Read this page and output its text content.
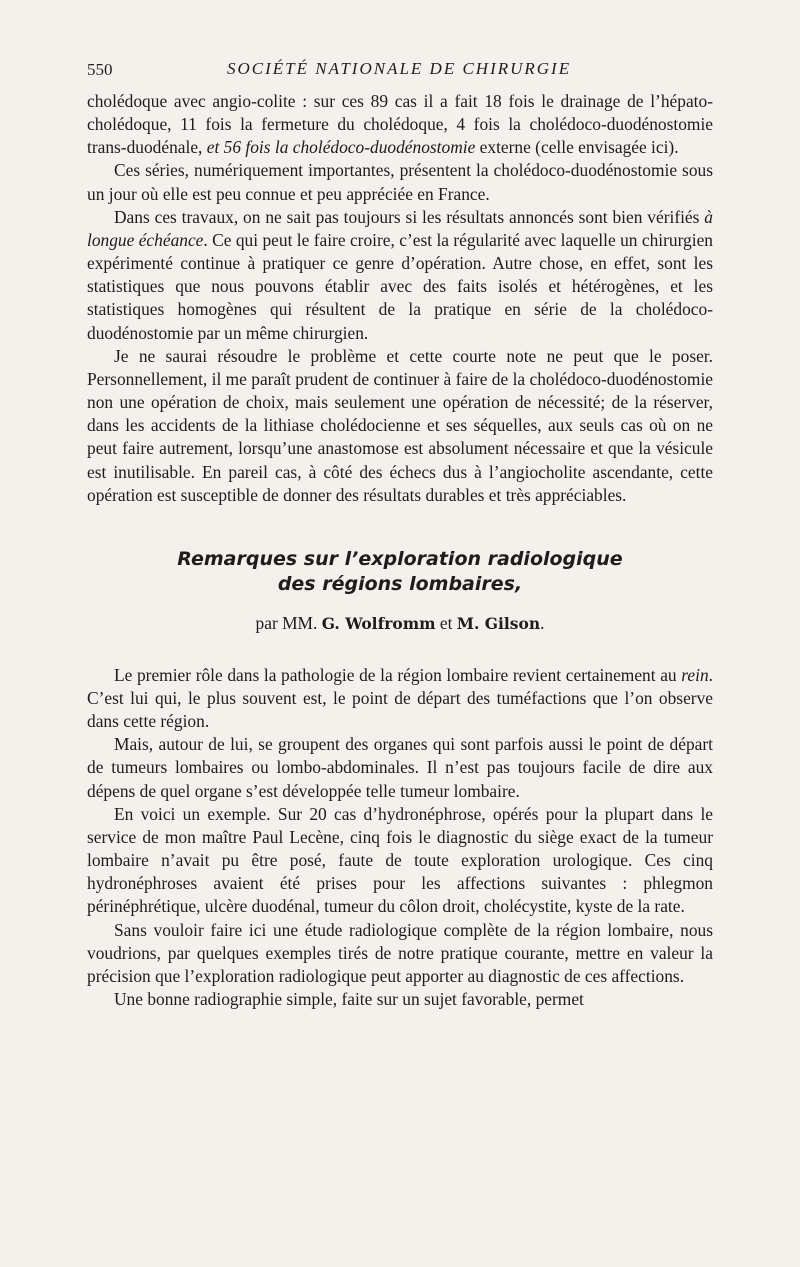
550	SOCIÉTÉ NATIONALE DE CHIRURGIE

cholédoque avec angio-colite : sur ces 89 cas il a fait 18 fois le drainage de l’hépato-cholédoque, 11 fois la fermeture du cholédoque, 4 fois la cholédoco-duodénostomie trans-duodénale, et 56 fois la cholédoco-duodénostomie externe (celle envisagée ici).

Ces séries, numériquement importantes, présentent la cholédoco-duodénostomie sous un jour où elle est peu connue et peu appréciée en France.

Dans ces travaux, on ne sait pas toujours si les résultats annoncés sont bien vérifiés à longue échéance. Ce qui peut le faire croire, c’est la régularité avec laquelle un chirurgien expérimenté continue à pratiquer ce genre d’opération. Autre chose, en effet, sont les statistiques que nous pouvons établir avec des faits isolés et hétérogènes, et les statistiques homogènes qui résultent de la pratique en série de la cholédoco-duodénostomie par un même chirurgien.

Je ne saurai résoudre le problème et cette courte note ne peut que le poser. Personnellement, il me paraît prudent de continuer à faire de la cholédoco-duodénostomie non une opération de choix, mais seulement une opération de nécessité; de la réserver, dans les accidents de la lithiase cholédocienne et ses séquelles, aux seuls cas où on ne peut faire autrement, lorsqu’une anastomose est absolument nécessaire et que la vésicule est inutilisable. En pareil cas, à côté des échecs dus à l’angiocholite ascendante, cette opération est susceptible de donner des résultats durables et très appréciables.

Remarques sur l’exploration radiologique

des régions lombaires,

par MM. G. Wolfromm et M. Gilson.

Le premier rôle dans la pathologie de la région lombaire revient certainement au rein. C’est lui qui, le plus souvent est, le point de départ des tuméfactions que l’on observe dans cette région.

Mais, autour de lui, se groupent des organes qui sont parfois aussi le point de départ de tumeurs lombaires ou lombo-abdominales. Il n’est pas toujours facile de dire aux dépens de quel organe s’est développée telle tumeur lombaire.

En voici un exemple. Sur 20 cas d’hydronéphrose, opérés pour la plupart dans le service de mon maître Paul Lecène, cinq fois le diagnostic du siège exact de la tumeur lombaire n’avait pu être posé, faute de toute exploration urologique. Ces cinq hydronéphroses avaient été prises pour les affections suivantes : phlegmon périnéphrétique, ulcère duodénal, tumeur du côlon droit, cholécystite, kyste de la rate.

Sans vouloir faire ici une étude radiologique complète de la région lombaire, nous voudrions, par quelques exemples tirés de notre pratique courante, mettre en valeur la précision que l’exploration radiologique peut apporter au diagnostic de ces affections.

Une bonne radiographie simple, faite sur un sujet favorable, permet
